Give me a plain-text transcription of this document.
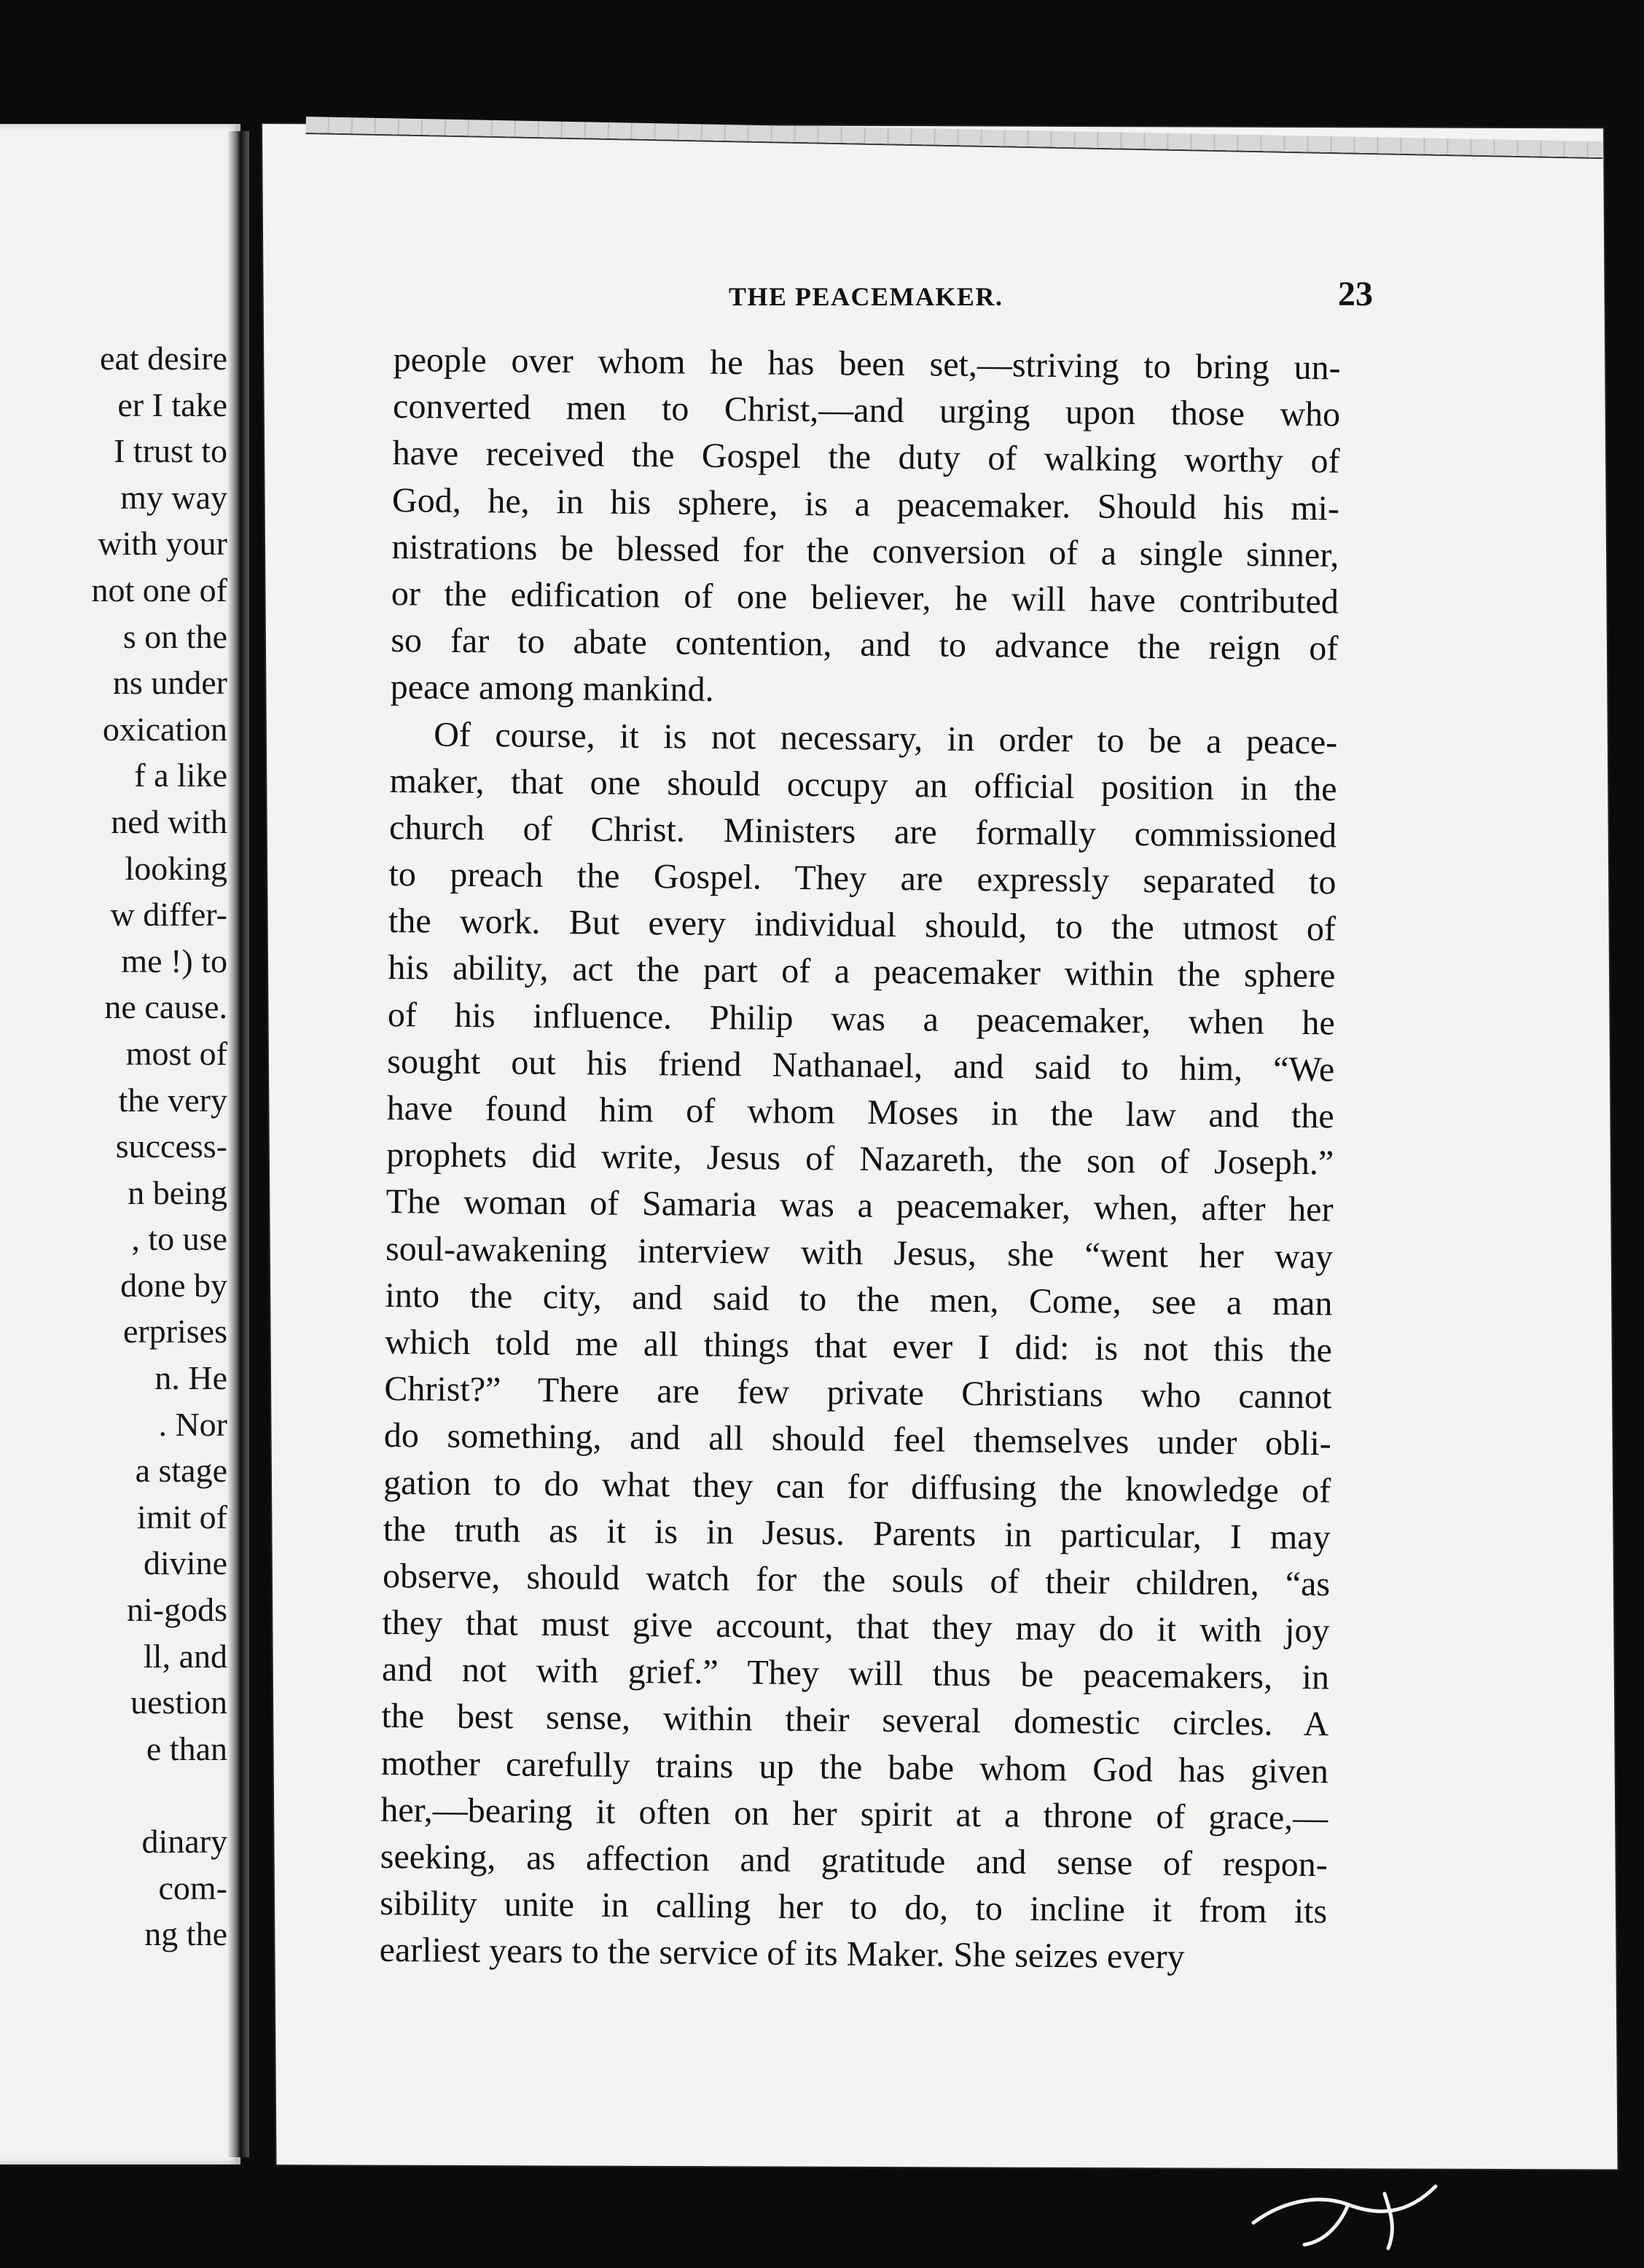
eat desire
er I take
I trust to
my way
with your
not one of
s on the
ns under
oxication
f a like
ned with
looking
w differ-
me !) to
ne cause.
most of
the very
success-
n being
, to use
done by
erprises
n. He
. Nor
a stage
imit of
divine
ni-gods
ll, and
uestion
e than
dinary
com-
ng the
THE PEACEMAKER.	23
people over whom he has been set,—striving to bring un-
converted men to Christ,—and urging upon those who
have received the Gospel the duty of walking worthy of
God, he, in his sphere, is a peacemaker. Should his mi-
nistrations be blessed for the conversion of a single sinner,
or the edification of one believer, he will have contributed
so far to abate contention, and to advance the reign of
peace among mankind.
Of course, it is not necessary, in order to be a peace-
maker, that one should occupy an official position in the
church of Christ. Ministers are formally commissioned
to preach the Gospel. They are expressly separated to
the work. But every individual should, to the utmost of
his ability, act the part of a peacemaker within the sphere
of his influence. Philip was a peacemaker, when he
sought out his friend Nathanael, and said to him, “We
have found him of whom Moses in the law and the
prophets did write, Jesus of Nazareth, the son of Joseph.”
The woman of Samaria was a peacemaker, when, after her
soul-awakening interview with Jesus, she “went her way
into the city, and said to the men, Come, see a man
which told me all things that ever I did: is not this the
Christ?” There are few private Christians who cannot
do something, and all should feel themselves under obli-
gation to do what they can for diffusing the knowledge of
the truth as it is in Jesus. Parents in particular, I may
observe, should watch for the souls of their children, “as
they that must give account, that they may do it with joy
and not with grief.” They will thus be peacemakers, in
the best sense, within their several domestic circles. A
mother carefully trains up the babe whom God has given
her,—bearing it often on her spirit at a throne of grace,—
seeking, as affection and gratitude and sense of respon-
sibility unite in calling her to do, to incline it from its
earliest years to the service of its Maker. She seizes every
